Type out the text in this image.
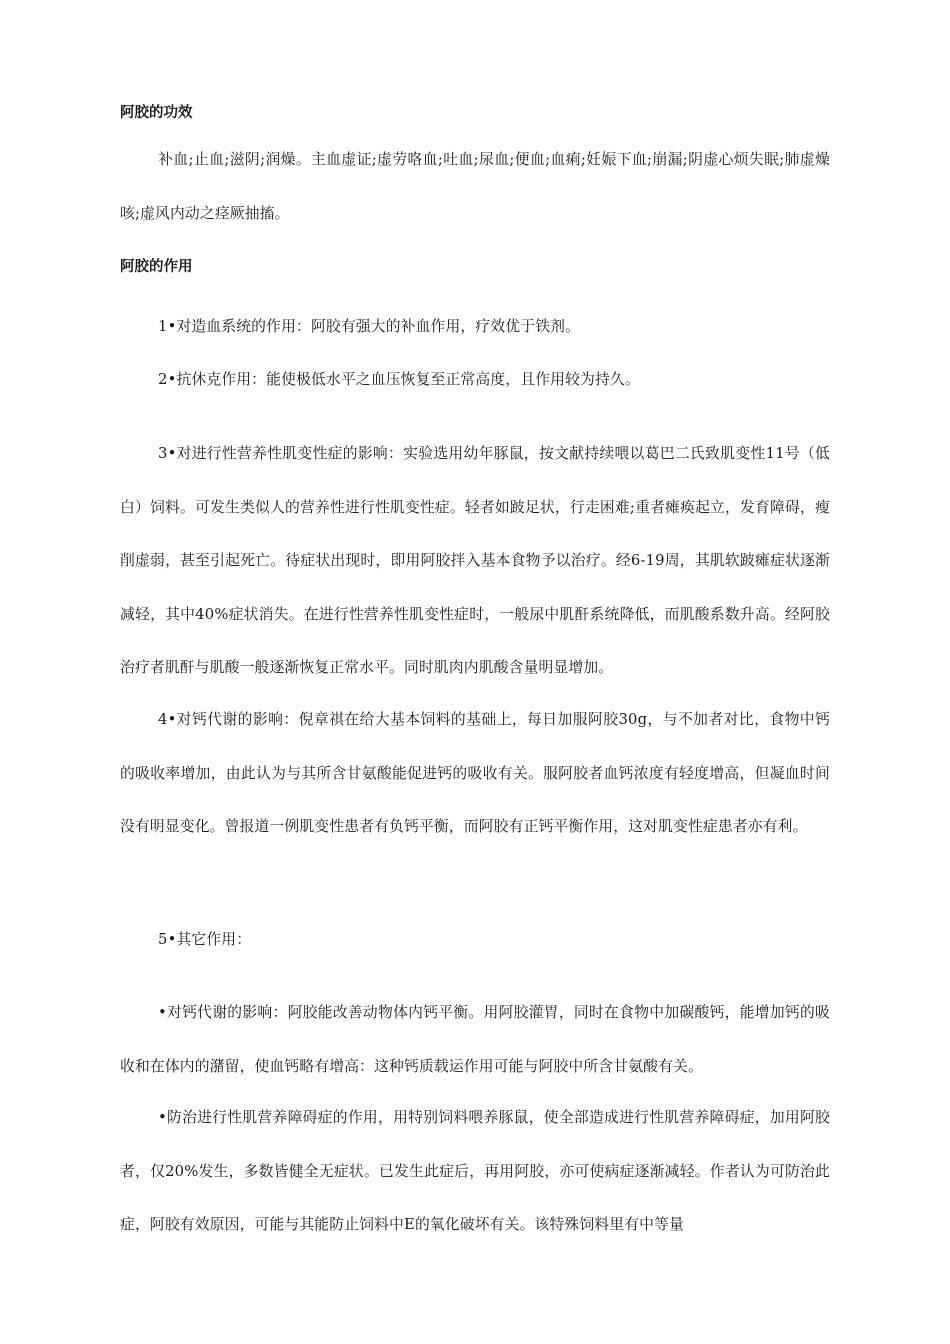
阿胶的功效

补血;止血;滋阴;润燥。主血虚证;虚劳咯血;吐血;尿血;便血;血痢;妊娠下血;崩漏;阴虚心烦失眠;肺虚燥咳;虚风内动之痉厥抽搐。

阿胶的作用

1•对造血系统的作用：阿胶有强大的补血作用，疗效优于铁剂。

2•抗休克作用：能使极低水平之血压恢复至正常高度，且作用较为持久。

3•对进行性营养性肌变性症的影响：实验选用幼年豚鼠，按文献持续喂以葛巴二氏致肌变性11号（低白）饲料。可发生类似人的营养性进行性肌变性症。轻者如跛足状，行走困难;重者瘫痪起立，发育障碍，瘦削虚弱，甚至引起死亡。待症状出现时，即用阿胶拌入基本食物予以治疗。经6-19周，其肌软跛瘫症状逐渐减轻，其中40%症状消失。在进行性营养性肌变性症时，一般尿中肌酐系统降低，而肌酸系数升高。经阿胶治疗者肌酐与肌酸一般逐渐恢复正常水平。同时肌肉内肌酸含量明显增加。

4•对钙代谢的影响：倪章祺在给大基本饲料的基础上，每日加服阿胶30g，与不加者对比，食物中钙的吸收率增加，由此认为与其所含甘氨酸能促进钙的吸收有关。服阿胶者血钙浓度有轻度增高，但凝血时间没有明显变化。曾报道一例肌变性患者有负钙平衡，而阿胶有正钙平衡作用，这对肌变性症患者亦有利。

5•其它作用：

•对钙代谢的影响：阿胶能改善动物体内钙平衡。用阿胶灌胃，同时在食物中加碳酸钙，能增加钙的吸收和在体内的潴留，使血钙略有增高：这种钙质载运作用可能与阿胶中所含甘氨酸有关。

•防治进行性肌营养障碍症的作用，用特别饲料喂养豚鼠，使全部造成进行性肌营养障碍症，加用阿胶者，仅20%发生，多数皆健全无症状。已发生此症后，再用阿胶，亦可使病症逐渐减轻。作者认为可防治此症，阿胶有效原因，可能与其能防止饲料中E的氧化破坏有关。该特殊饲料里有中等量
